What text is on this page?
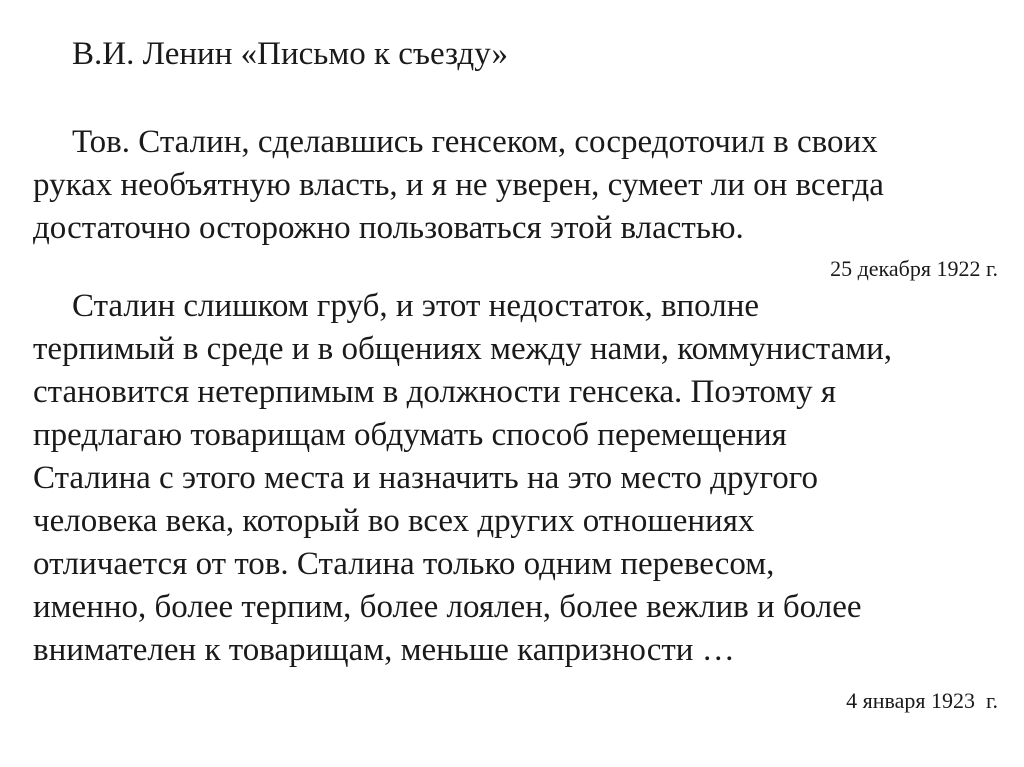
В.И. Ленин «Письмо к съезду»

Тов. Сталин, сделавшись генсеком, сосредоточил в своих
руках необъятную власть, и я не уверен, сумеет ли он всегда
достаточно осторожно пользоваться этой властью.

25 декабря 1922 г.

Сталин слишком груб, и этот недостаток, вполне
терпимый в среде и в общениях между нами, коммунистами,
становится нетерпимым в должности генсека. Поэтому я
предлагаю товарищам обдумать способ перемещения
Сталина с этого места и назначить на это место другого
человека века, который во всех других отношениях
отличается от тов. Сталина только одним перевесом,
именно, более терпим, более лоялен, более вежлив и более
внимателен к товарищам, меньше капризности …

4 января 1923  г.
